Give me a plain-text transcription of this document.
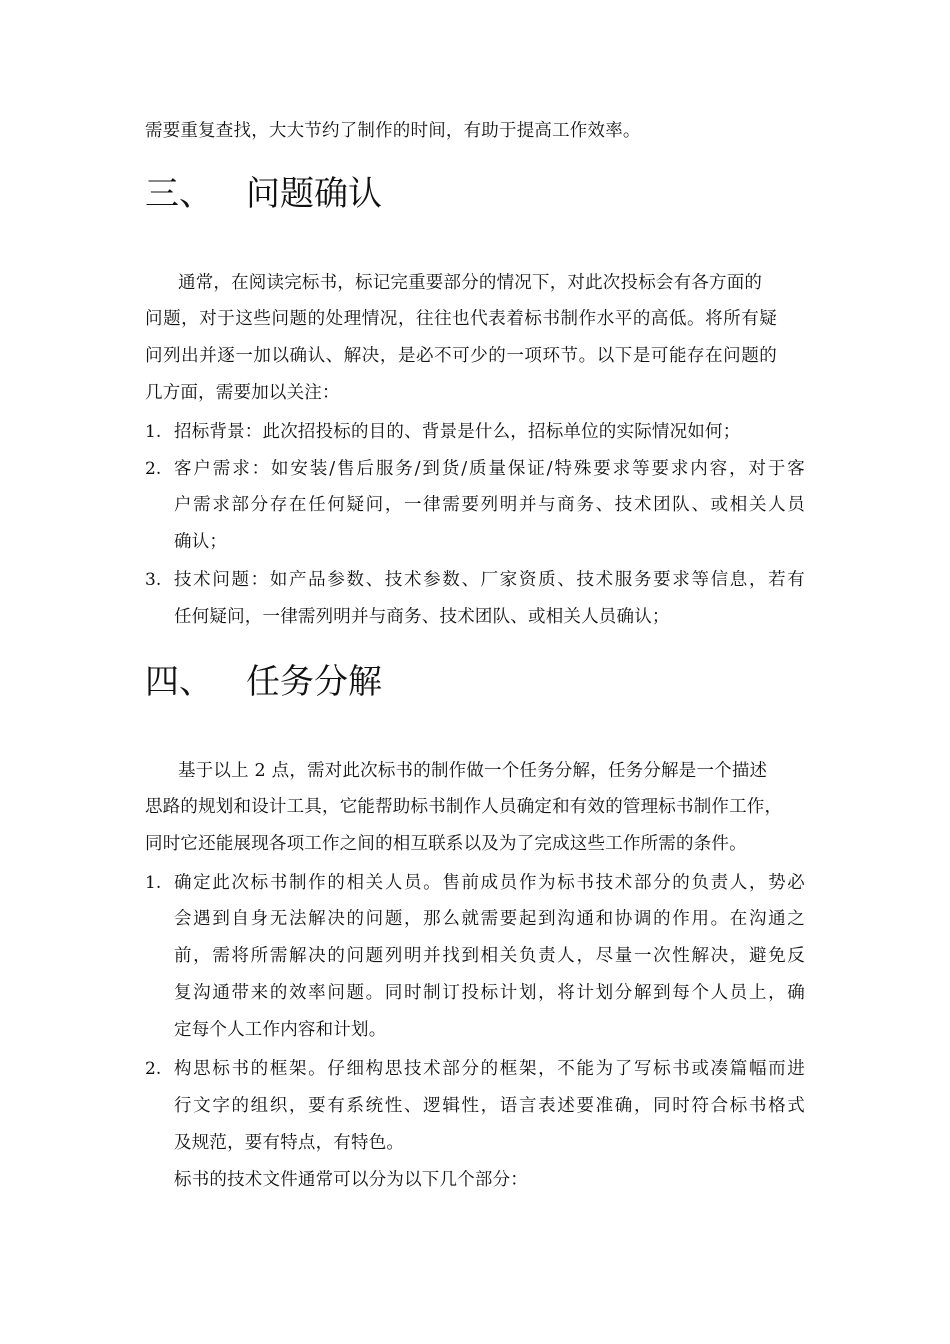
需要重复查找，大大节约了制作的时间，有助于提高工作效率。
三、 问题确认
通常，在阅读完标书，标记完重要部分的情况下，对此次投标会有各方面的
问题，对于这些问题的处理情况，往往也代表着标书制作水平的高低。将所有疑
问列出并逐一加以确认、解决，是必不可少的一项环节。以下是可能存在问题的
几方面，需要加以关注：
1. 招标背景：此次招投标的目的、背景是什么，招标单位的实际情况如何；
2. 客户需求：如安装/售后服务/到货/质量保证/特殊要求等要求内容，对于客
户需求部分存在任何疑问，一律需要列明并与商务、技术团队、或相关人员
确认；
3. 技术问题：如产品参数、技术参数、厂家资质、技术服务要求等信息，若有
任何疑问，一律需列明并与商务、技术团队、或相关人员确认；
四、 任务分解
基于以上 2 点，需对此次标书的制作做一个任务分解，任务分解是一个描述
思路的规划和设计工具，它能帮助标书制作人员确定和有效的管理标书制作工作，
同时它还能展现各项工作之间的相互联系以及为了完成这些工作所需的条件。
1. 确定此次标书制作的相关人员。售前成员作为标书技术部分的负责人，势必
会遇到自身无法解决的问题，那么就需要起到沟通和协调的作用。在沟通之
前，需将所需解决的问题列明并找到相关负责人，尽量一次性解决，避免反
复沟通带来的效率问题。同时制订投标计划，将计划分解到每个人员上，确
定每个人工作内容和计划。
2. 构思标书的框架。仔细构思技术部分的框架，不能为了写标书或凑篇幅而进
行文字的组织，要有系统性、逻辑性，语言表述要准确，同时符合标书格式
及规范，要有特点，有特色。
标书的技术文件通常可以分为以下几个部分：
